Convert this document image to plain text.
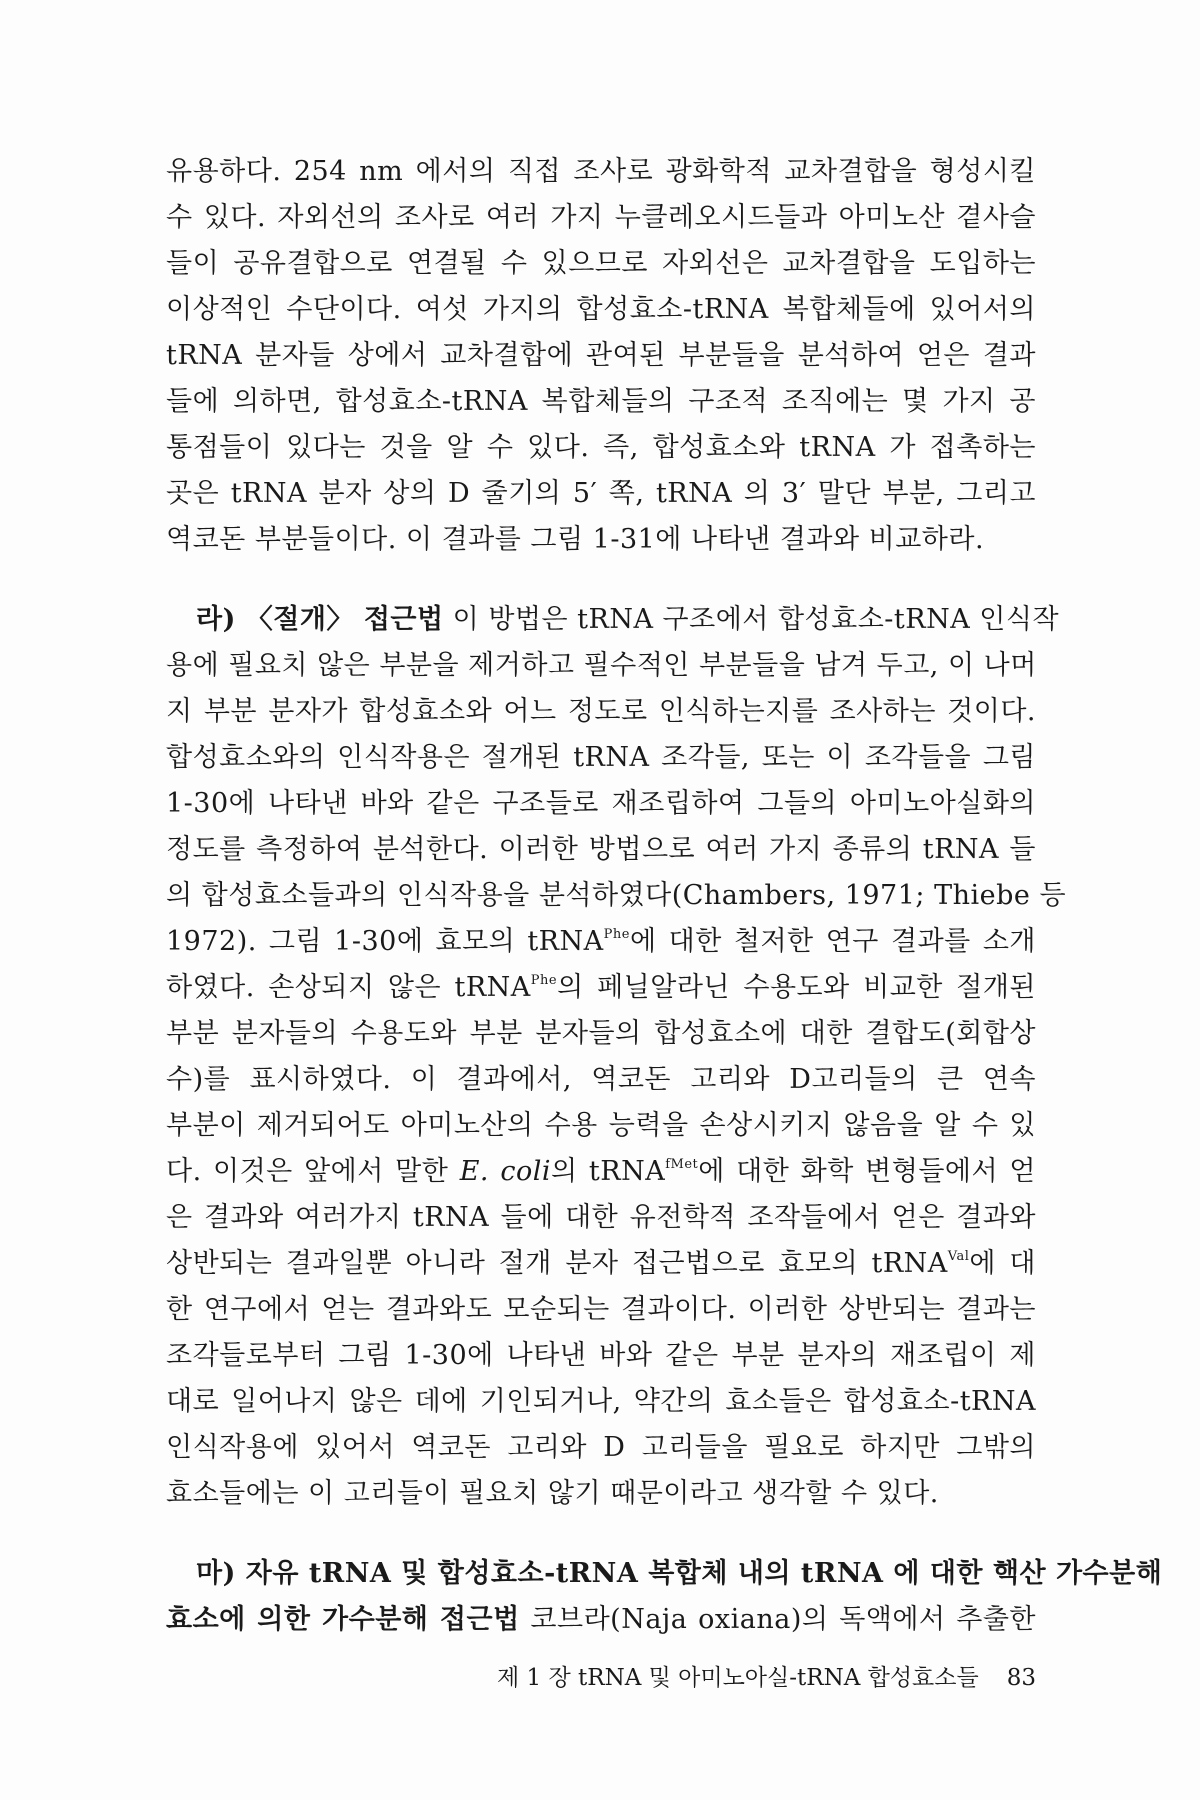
유용하다. 254 nm 에서의 직접 조사로 광화학적 교차결합을 형성시킬
수 있다. 자외선의 조사로 여러 가지 누클레오시드들과 아미노산 곁사슬
들이 공유결합으로 연결될 수 있으므로 자외선은 교차결합을 도입하는
이상적인 수단이다. 여섯 가지의 합성효소-tRNA 복합체들에 있어서의
tRNA 분자들 상에서 교차결합에 관여된 부분들을 분석하여 얻은 결과
들에 의하면, 합성효소-tRNA 복합체들의 구조적 조직에는 몇 가지 공
통점들이 있다는 것을 알 수 있다. 즉, 합성효소와 tRNA 가 접촉하는
곳은 tRNA 분자 상의 D 줄기의 5′ 쪽, tRNA 의 3′ 말단 부분, 그리고
역코돈 부분들이다. 이 결과를 그림 1-31에 나타낸 결과와 비교하라.
라) 〈절개〉 접근법 이 방법은 tRNA 구조에서 합성효소-tRNA 인식작
용에 필요치 않은 부분을 제거하고 필수적인 부분들을 남겨 두고, 이 나머
지 부분 분자가 합성효소와 어느 정도로 인식하는지를 조사하는 것이다.
합성효소와의 인식작용은 절개된 tRNA 조각들, 또는 이 조각들을 그림
1-30에 나타낸 바와 같은 구조들로 재조립하여 그들의 아미노아실화의
정도를 측정하여 분석한다. 이러한 방법으로 여러 가지 종류의 tRNA 들
의 합성효소들과의 인식작용을 분석하였다(Chambers, 1971; Thiebe 등
1972). 그림 1-30에 효모의 tRNA$^{Phe}$에 대한 철저한 연구 결과를 소개
하였다. 손상되지 않은 tRNA$^{Phe}$의 페닐알라닌 수용도와 비교한 절개된
부분 분자들의 수용도와 부분 분자들의 합성효소에 대한 결합도(회합상
수)를 표시하였다. 이 결과에서, 역코돈 고리와 D고리들의 큰 연속
부분이 제거되어도 아미노산의 수용 능력을 손상시키지 않음을 알 수 있
다. 이것은 앞에서 말한 E. coli의 tRNA$^{fMet}$에 대한 화학 변형들에서 얻
은 결과와 여러가지 tRNA 들에 대한 유전학적 조작들에서 얻은 결과와
상반되는 결과일뿐 아니라 절개 분자 접근법으로 효모의 tRNA$^{Val}$에 대
한 연구에서 얻는 결과와도 모순되는 결과이다. 이러한 상반되는 결과는
조각들로부터 그림 1-30에 나타낸 바와 같은 부분 분자의 재조립이 제
대로 일어나지 않은 데에 기인되거나, 약간의 효소들은 합성효소-tRNA
인식작용에 있어서 역코돈 고리와 D 고리들을 필요로 하지만 그밖의
효소들에는 이 고리들이 필요치 않기 때문이라고 생각할 수 있다.
마) 자유 tRNA 및 합성효소-tRNA 복합체 내의 tRNA 에 대한 핵산 가수분해
효소에 의한 가수분해 접근법 코브라(Naja oxiana)의 독액에서 추출한
제 1 장 tRNA 및 아미노아실-tRNA 합성효소들 83
